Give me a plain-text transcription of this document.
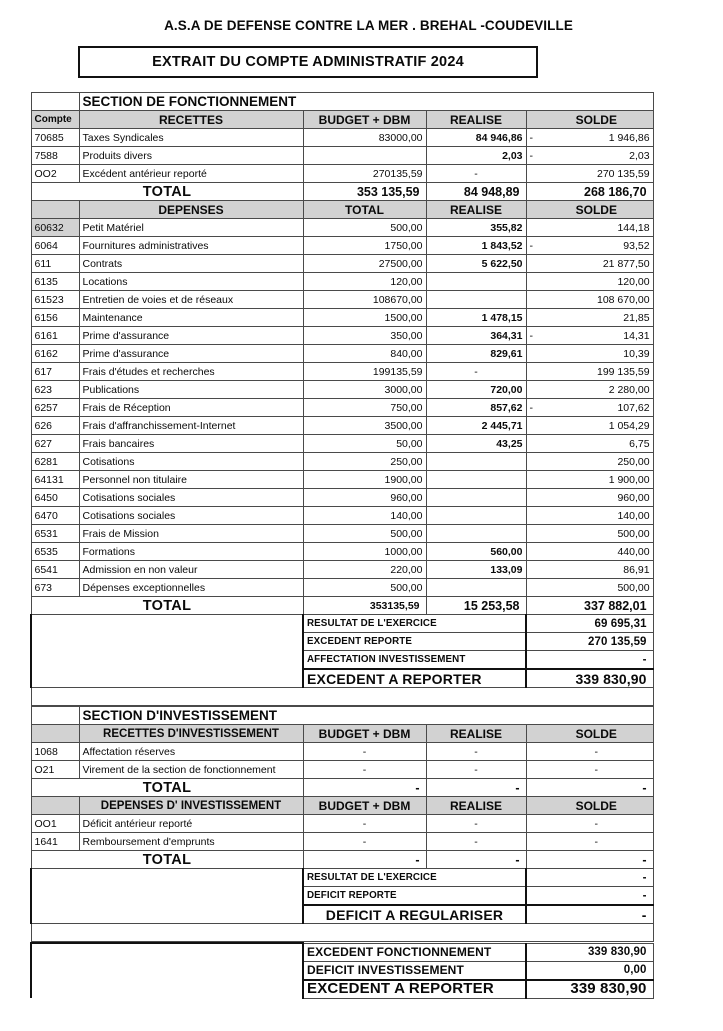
A.S.A DE DEFENSE CONTRE LA MER . BREHAL -COUDEVILLE
EXTRAIT DU COMPTE ADMINISTRATIF 2024
	SECTION DE FONCTIONNEMENT				
Compte	RECETTES	BUDGET + DBM	REALISE		SOLDE
70685	Taxes Syndicales	83000,00	84 946,86	-	1 946,86
7588	Produits divers		2,03	-	2,03
OO2	Excédent antérieur reporté	270135,59	-		270 135,59
TOTAL		353 135,59	84 948,89		268 186,70
	DEPENSES	TOTAL	REALISE		SOLDE
60632	Petit Matériel	500,00	355,82		144,18
6064	Fournitures administratives	1750,00	1 843,52	-	93,52
611	Contrats	27500,00	5 622,50		21 877,50
6135	Locations	120,00			120,00
61523	Entretien de voies et de réseaux	108670,00			108 670,00
6156	Maintenance	1500,00	1 478,15		21,85
6161	Prime d'assurance	350,00	364,31	-	14,31
6162	Prime d'assurance	840,00	829,61		10,39
617	Frais d'études et recherches	199135,59	-		199 135,59
623	Publications	3000,00	720,00		2 280,00
6257	Frais de Réception	750,00	857,62	-	107,62
626	Frais d'affranchissement-Internet	3500,00	2 445,71		1 054,29
627	Frais bancaires	50,00	43,25		6,75
6281	Cotisations	250,00			250,00
64131	Personnel non titulaire	1900,00			1 900,00
6450	Cotisations sociales	960,00			960,00
6470	Cotisations sociales	140,00			140,00
6531	Frais de Mission	500,00			500,00
6535	Formations	1000,00	560,00		440,00
6541	Admission en non valeur	220,00	133,09		86,91
673	Dépenses exceptionnelles	500,00			500,00
TOTAL		353135,59	15 253,58		337 882,01
		RESULTAT DE L'EXERCICE		69 695,31	
		EXCEDENT REPORTE		270 135,59	
		AFFECTATION INVESTISSEMENT		-	
		EXCEDENT A REPORTER		339 830,90	

	SECTION D'INVESTISSEMENT				
	RECETTES D'INVESTISSEMENT	BUDGET + DBM	REALISE		SOLDE
1068	Affectation réserves	-	-		-
O21	Virement de la section de fonctionnement	-	-		-
TOTAL		-	-		-
	DEPENSES D' INVESTISSEMENT	BUDGET + DBM	REALISE		SOLDE
OO1	Déficit antérieur reporté	-	-		-
1641	Remboursement d'emprunts	-	-		-
TOTAL		-	-		-
		RESULTAT DE L'EXERCICE		-	
		DEFICIT REPORTE		-	
		DEFICIT A REGULARISER		-	

	EXCEDENT FONCTIONNEMENT	339 830,90
	DEFICIT INVESTISSEMENT	0,00
	EXCEDENT A REPORTER	339 830,90
